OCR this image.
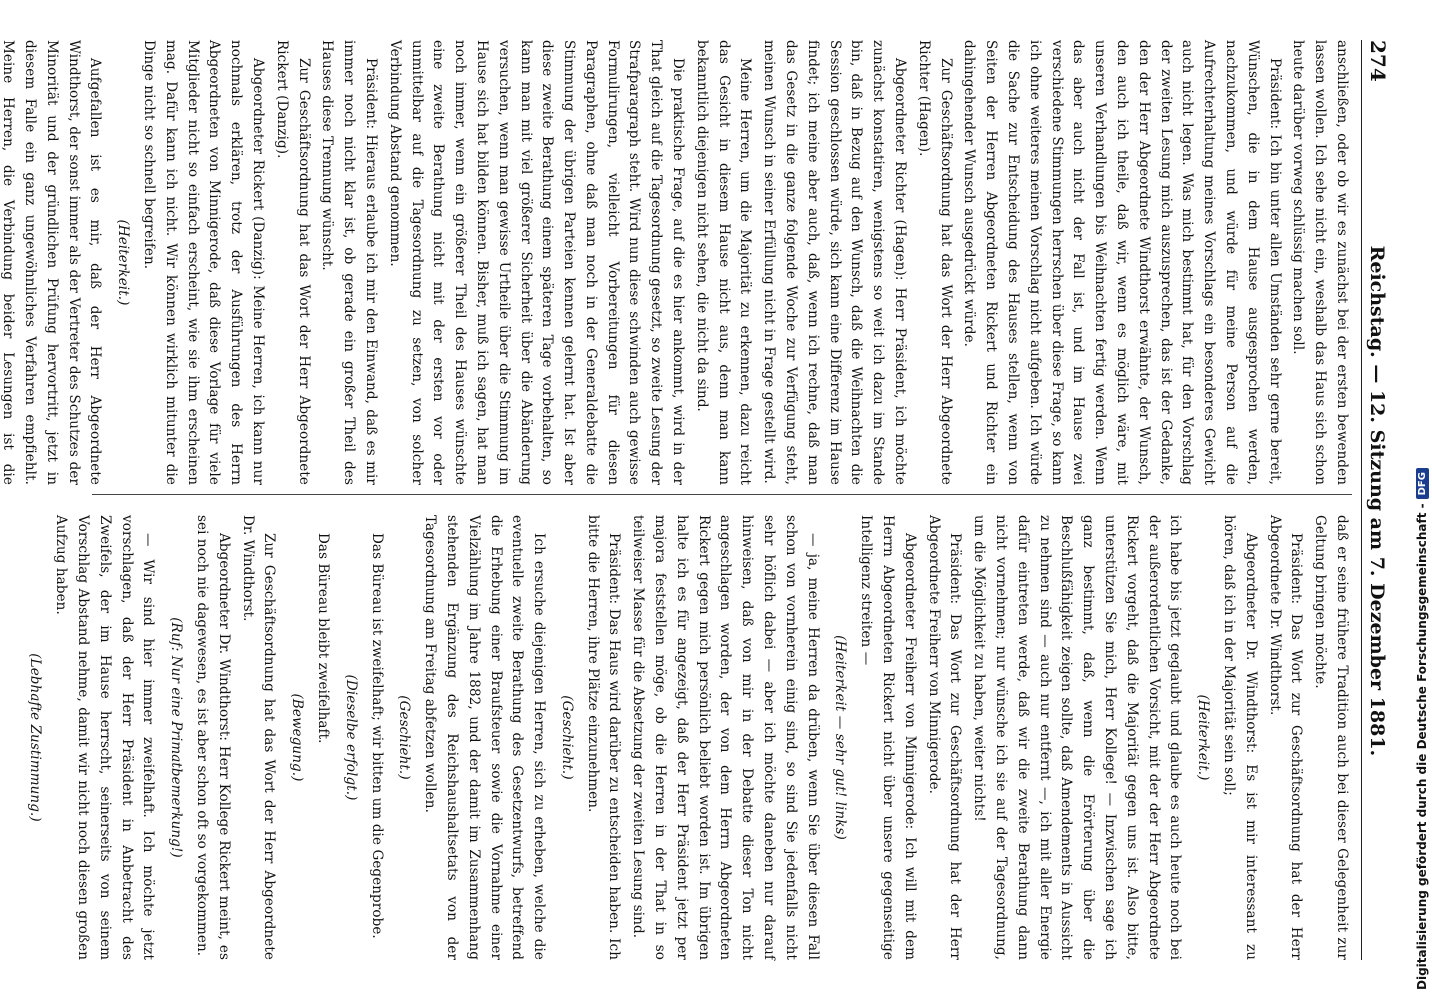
274
Reichstag. — 12. Sitzung am 7. Dezember 1881.

anschließen, oder ob wir es zunächst bei der ersten bewenden lassen wollen. Ich sehe nicht ein, weshalb das Haus sich schon heute darüber vorweg schlüssig machen soll.

Präsident: Ich bin unter allen Umständen sehr gerne bereit, Wünschen, die in dem Hause ausgesprochen werden, nachzukommen, und würde für meine Person auf die Aufrechterhaltung meines Vorschlags ein besonderes Gewicht auch nicht legen. Was mich bestimmt hat, für den Vorschlag der zweiten Lesung mich auszusprechen, das ist der Gedanke, den der Herr Abgeordnete Windthorst erwähnte, der Wunsch, den auch ich theile, daß wir, wenn es möglich wäre, mit unseren Verhandlungen bis Weihnachten fertig werden. Wenn das aber auch nicht der Fall ist, und im Hause zwei verschiedene Stimmungen herrschen über diese Frage, so kann ich ohne weiteres meinen Vorschlag nicht aufgeben. Ich würde die Sache zur Entscheidung des Hauses stellen, wenn von Seiten der Herren Abgeordneten Rickert und Richter ein dahingehender Wunsch ausgedrückt würde.

Zur Geschäftsordnung hat das Wort der Herr Abgeordnete Richter (Hagen).

Abgeordneter Richter (Hagen): Herr Präsident, ich möchte zunächst konstatiren, wenigstens so weit ich dazu im Stande bin, daß in Bezug auf den Wunsch, daß die Weihnachten die Session geschlossen würde, sich kann eine Differenz im Hause findet; ich meine aber auch, daß, wenn ich rechne, daß man das Gesetz in die ganze folgende Woche zur Verfügung steht, meinen Wunsch in seiner Erfüllung nicht in Frage gestellt wird.

Meine Herren, um die Majorität zu erkennen, dazu reicht das Gesicht in diesem Hause nicht aus, denn man kann bekanntlich diejenigen nicht sehen, die nicht da sind.

Die praktische Frage, auf die es hier ankommt, wird in der That gleich auf die Tagesordnung gesetzt, so zweite Lesung der Strafparagraph steht. Wird nun diese schwinden auch gewisse Formulirungen, vielleicht Vorbereitungen für diesen Paragraphen, ohne daß man noch in der Generaldebatte die Stimmung der übrigen Parteien kennen gelernt hat. Ist aber diese zweite Berathung einem späteren Tage vorbehalten, so kann man mit viel größerer Sicherheit über die Abänderung versuchen, wenn man gewisse Urtheile über die Stimmung im Hause sich hat bilden können. Bisher, muß ich sagen, hat man noch immer, wenn ein größerer Theil des Hauses wünschte eine zweite Berathung nicht mit der ersten vor oder unmittelbar auf die Tagesordnung zu setzen, von solcher Verbindung Abstand genommen.

Präsident: Hieraus erlaube ich mir den Einwand, daß es mir immer noch nicht klar ist, ob gerade ein großer Theil des Hauses diese Trennung wünscht.

Zur Geschäftsordnung hat das Wort der Herr Abgeordnete Rickert (Danzig).

Abgeordneter Rickert (Danzig): Meine Herren, ich kann nur nochmals erklären, trotz der Ausführungen des Herrn Abgeordneten von Minnigerode, daß diese Vorlage für viele Mitglieder nicht so einfach erscheint, wie sie ihm erscheinen mag. Dafür kann ich nicht. Wir können wirklich mitunter die Dinge nicht so schnell begreifen.

(Heiterkeit.)

Aufgefallen ist es mir, daß der Herr Abgeordnete Windthorst, der sonst immer als der Vertreter des Schutzes der Minorität und der gründlichen Prüfung hervortritt, jetzt in diesem Falle ein ganz ungewöhnliches Verfahren empfiehlt. Meine Herren, die Verbindung beider Lesungen ist die

daß er seine frühere Tradition auch bei dieser Gelegenheit zur Geltung bringen möchte.

Präsident: Das Wort zur Geschäftsordnung hat der Herr Abgeordnete Dr. Windthorst.

Abgeordneter Dr. Windthorst: Es ist mir interessant zu hören, daß ich in der Majorität sein soll;

(Heiterkeit.)

ich habe bis jetzt geglaubt und glaube es auch heute noch bei der außerordentlichen Vorsicht, mit der der Herr Abgeordnete Rickert vorgeht, daß die Majorität gegen uns ist. Also bitte, unterstützen Sie mich, Herr Kollege! — Inzwischen sage ich ganz bestimmt, daß, wenn die Erörterung über die Beschlußfähigkeit zeigen sollte, daß Amendements in Aussicht zu nehmen sind — auch nur entfernt —, ich mit aller Energie dafür eintreten werde, daß wir die zweite Berathung dann nicht vornehmen; nur wünsche ich sie auf der Tagesordnung, um die Möglichkeit zu haben, weiter nichts!

Präsident: Das Wort zur Geschäftsordnung hat der Herr Abgeordnete Freiherr von Minnigerode.

Abgeordneter Freiherr von Minnigerode: Ich will mit dem Herrn Abgeordneten Rickert nicht über unsere gegenseitige Intelligenz streiten —

(Heiterkeit — sehr gut! links)

— ja, meine Herren da drüben, wenn Sie über diesen Fall schon von vornherein einig sind, so sind Sie jedenfalls nicht sehr höflich dabei — aber ich möchte daneben nur darauf hinweisen, daß von mir in der Debatte dieser Ton nicht angeschlagen worden, der von dem Herrn Abgeordneten Rickert gegen mich persönlich beliebt worden ist. Im übrigen halte ich es für angezeigt, daß der Herr Präsident jetzt per majora feststellen möge, ob die Herren in der That in so teilweiser Masse für die Absetzung der zweiten Lesung sind.

Präsident: Das Haus wird darüber zu entscheiden haben. Ich bitte die Herren, ihre Plätze einzunehmen.

(Geschieht.)

Ich ersuche diejenigen Herren, sich zu erheben, welche die eventuelle zweite Berathung des Gesetzentwurfs, betreffend die Erhebung einer Braufsteuer sowie die Vornahme einer Vielzählung im Jahre 1882, und der damit im Zusammenhang stehenden Ergänzung des Reichshaushaltsetats von der Tagesordnung am Freitag abfetzen wollen.

(Geschieht.)

Das Büreau ist zweifelhaft; wir bitten um die Gegenprobe.

(Dieselbe erfolgt.)

Das Büreau bleibt zweifelhaft.

(Bewegung.)

Zur Geschäftsordnung hat das Wort der Herr Abgeordnete Dr. Windthorst.

Abgeordneter Dr. Windthorst: Herr Kollege Rickert meint, es sei noch nie dagewesen, es ist aber schon oft so vorgekommen.

(Ruf: Nur eine Primatbemerkung!)

— Wir sind hier immer zweifelhaft. Ich möchte jetzt vorschlagen, daß der Herr Präsident in Anbetracht des Zweifels, der im Hause herrscht, seinerseits von seinem Vorschlag Abstand nehme, damit wir nicht noch diesen großen Aufzug haben.

(Lebhafte Zustimmung.)	Digitalisierung gefördert durch die Deutsche Forschungsgemeinschaft -
DFG
